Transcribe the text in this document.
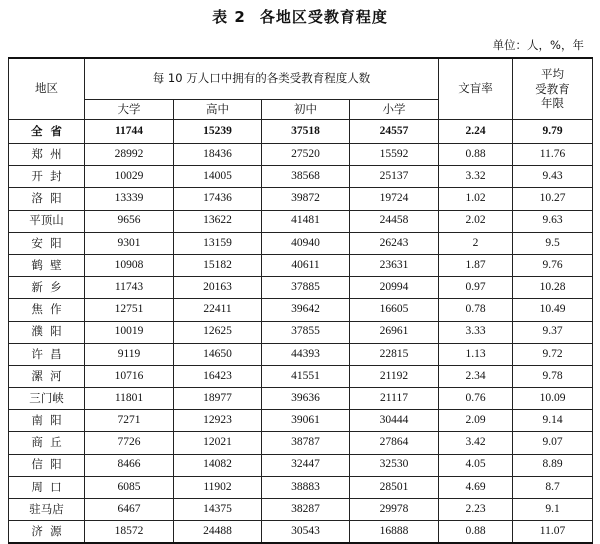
表 2 各地区受教育程度
单位：人，%，年
地区	每 10 万人口中拥有的各类受教育程度人数				文盲率	平均
受教育
年限

	大学	高中	初中	小学		
全省	11744	15239	37518	24557	2.24	9.79
郑  州	28992	18436	27520	15592	0.88	11.76
开  封	10029	14005	38568	25137	3.32	9.43
洛  阳	13339	17436	39872	19724	1.02	10.27
平顶山	9656	13622	41481	24458	2.02	9.63
安  阳	9301	13159	40940	26243	2	9.5
鹤  壁	10908	15182	40611	23631	1.87	9.76
新  乡	11743	20163	37885	20994	0.97	10.28
焦  作	12751	22411	39642	16605	0.78	10.49
濮  阳	10019	12625	37855	26961	3.33	9.37
许  昌	9119	14650	44393	22815	1.13	9.72
漯  河	10716	16423	41551	21192	2.34	9.78
三门峡	11801	18977	39636	21117	0.76	10.09
南  阳	7271	12923	39061	30444	2.09	9.14
商  丘	7726	12021	38787	27864	3.42	9.07
信  阳	8466	14082	32447	32530	4.05	8.89
周  口	6085	11902	38883	28501	4.69	8.7
驻马店	6467	14375	38287	29978	2.23	9.1
济  源	18572	24488	30543	16888	0.88	11.07
